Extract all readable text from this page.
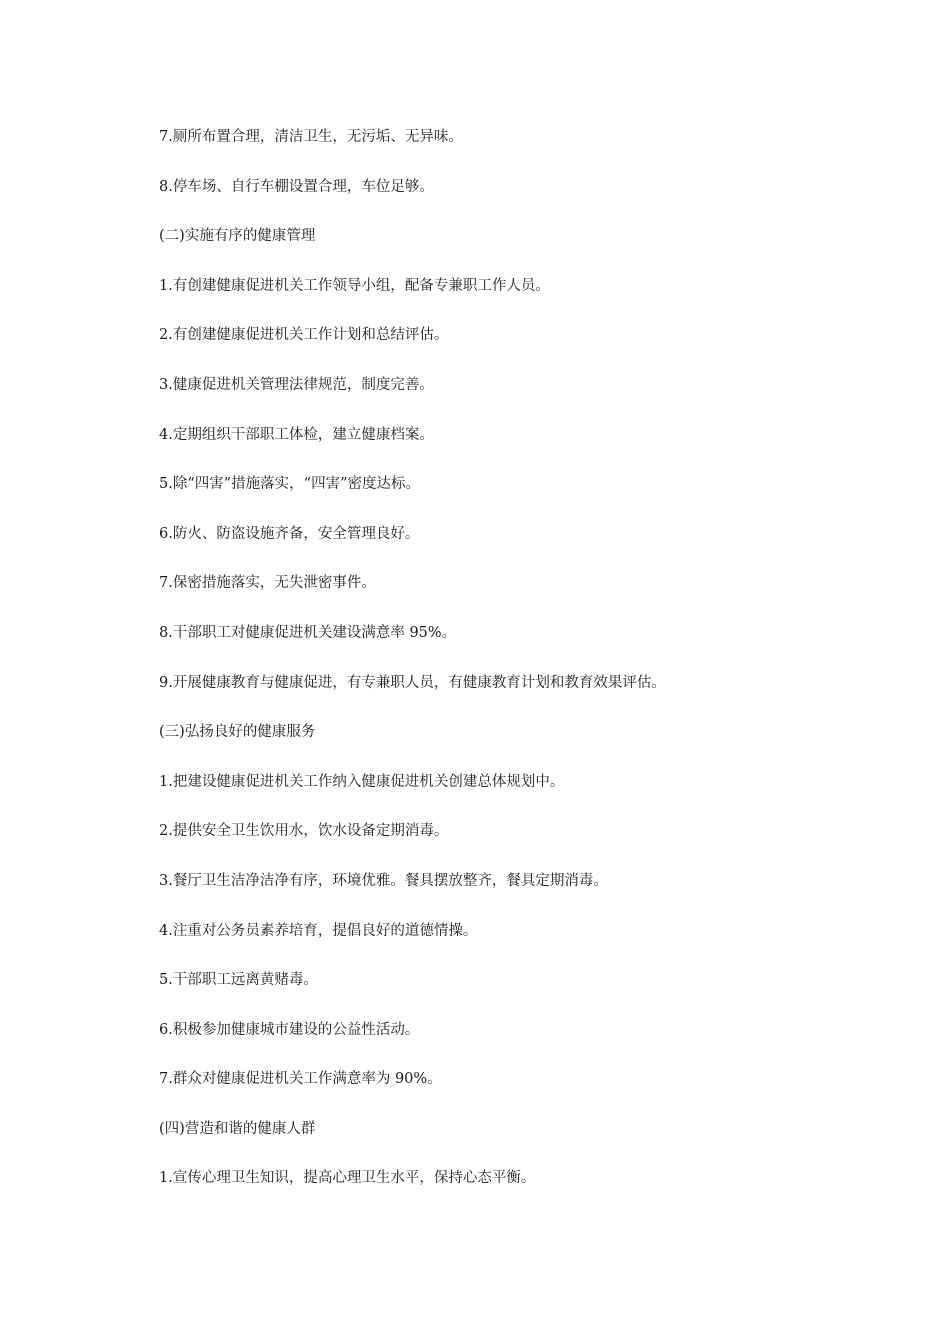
7.厕所布置合理，清洁卫生，无污垢、无异味。
8.停车场、自行车棚设置合理，车位足够。
(二)实施有序的健康管理
1.有创建健康促进机关工作领导小组，配备专兼职工作人员。
2.有创建健康促进机关工作计划和总结评估。
3.健康促进机关管理法律规范，制度完善。
4.定期组织干部职工体检，建立健康档案。
5.除“四害”措施落实，“四害”密度达标。
6.防火、防盗设施齐备，安全管理良好。
7.保密措施落实，无失泄密事件。
8.干部职工对健康促进机关建设满意率 95%。
9.开展健康教育与健康促进，有专兼职人员，有健康教育计划和教育效果评估。
(三)弘扬良好的健康服务
1.把建设健康促进机关工作纳入健康促进机关创建总体规划中。
2.提供安全卫生饮用水，饮水设备定期消毒。
3.餐厅卫生洁净洁净有序，环境优雅。餐具摆放整齐，餐具定期消毒。
4.注重对公务员素养培育，提倡良好的道德情操。
5.干部职工远离黄赌毒。
6.积极参加健康城市建设的公益性活动。
7.群众对健康促进机关工作满意率为 90%。
(四)营造和谐的健康人群
1.宣传心理卫生知识，提高心理卫生水平，保持心态平衡。
